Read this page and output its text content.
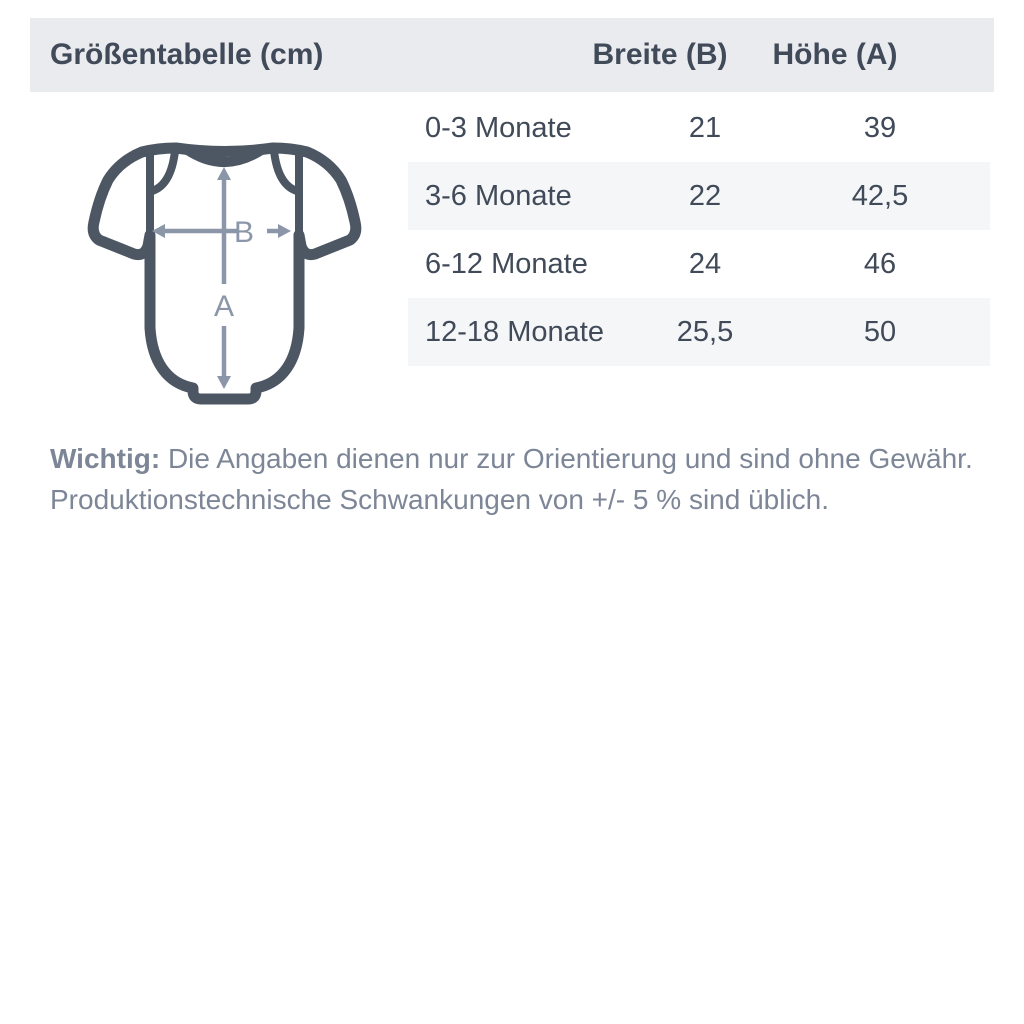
Größentabelle (cm)	Breite (B)	Höhe (A)
0-3 Monate	21	39
3-6 Monate	22	42,5
6-12 Monate	24	46
12-18 Monate	25,5	50
B
A

Wichtig: Die Angaben dienen nur zur Orientierung und sind ohne Gewähr.
Produktionstechnische Schwankungen von +/- 5 % sind üblich.
